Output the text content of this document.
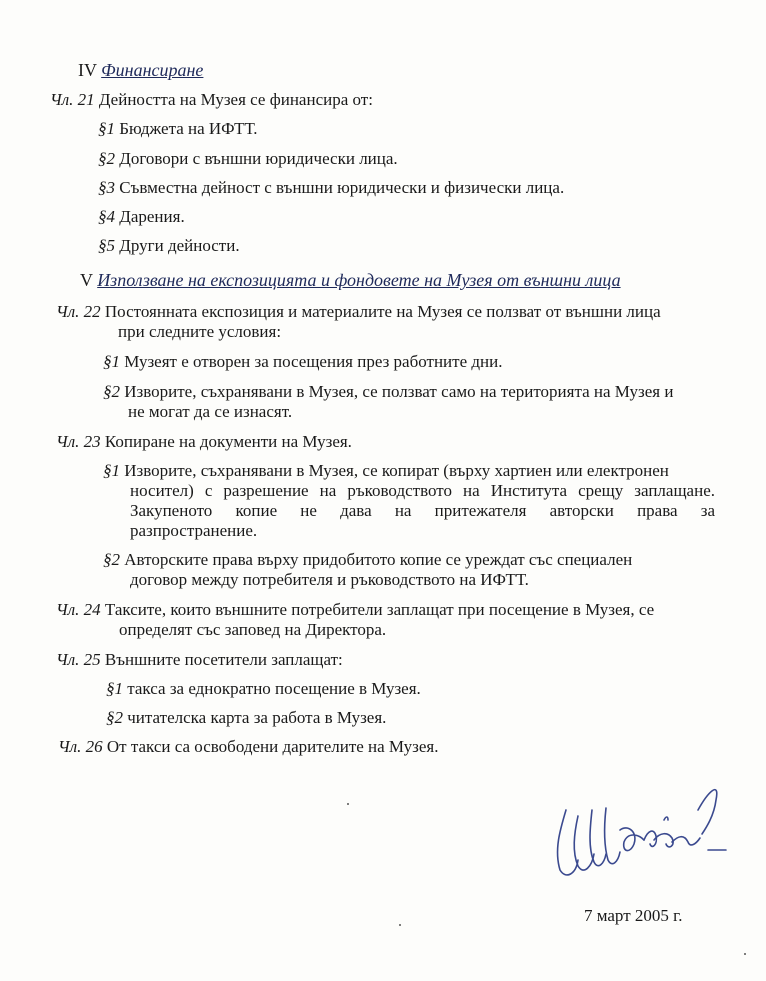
IV Финансиране
Чл. 21 Дейността на Музея се финансира от:
§1 Бюджета на ИФТТ.
§2 Договори с външни юридически лица.
§3 Съвместна дейност с външни юридически и физически лица.
§4 Дарения.
§5 Други дейности.
V Използване на експозицията и фондовете на Музея от външни лица
Чл. 22 Постоянната експозиция и материалите на Музея се ползват от външни лица
при следните условия:
§1 Музеят е отворен за посещения през работните дни.
§2 Изворите, съхранявани в Музея, се ползват само на територията на Музея и
не могат да се изнасят.
Чл. 23 Копиране на документи на Музея.
§1 Изворите, съхранявани в Музея, се копират (върху хартиен или електронен
носител) с разрешение на ръководството на Института срещу заплащане.
Закупеното копие не дава на притежателя авторски права за
разпространение.
§2 Авторските права върху придобитото копие се уреждат със специален
договор между потребителя и ръководството на ИФТТ.
Чл. 24 Таксите, които външните потребители заплащат при посещение в Музея, се
определят със заповед на Директора.
Чл. 25 Външните посетители заплащат:
§1 такса за еднократно посещение в Музея.
§2 читателска карта за работа в Музея.
Чл. 26 От такси са освободени дарителите на Музея.
7 март 2005 г.
